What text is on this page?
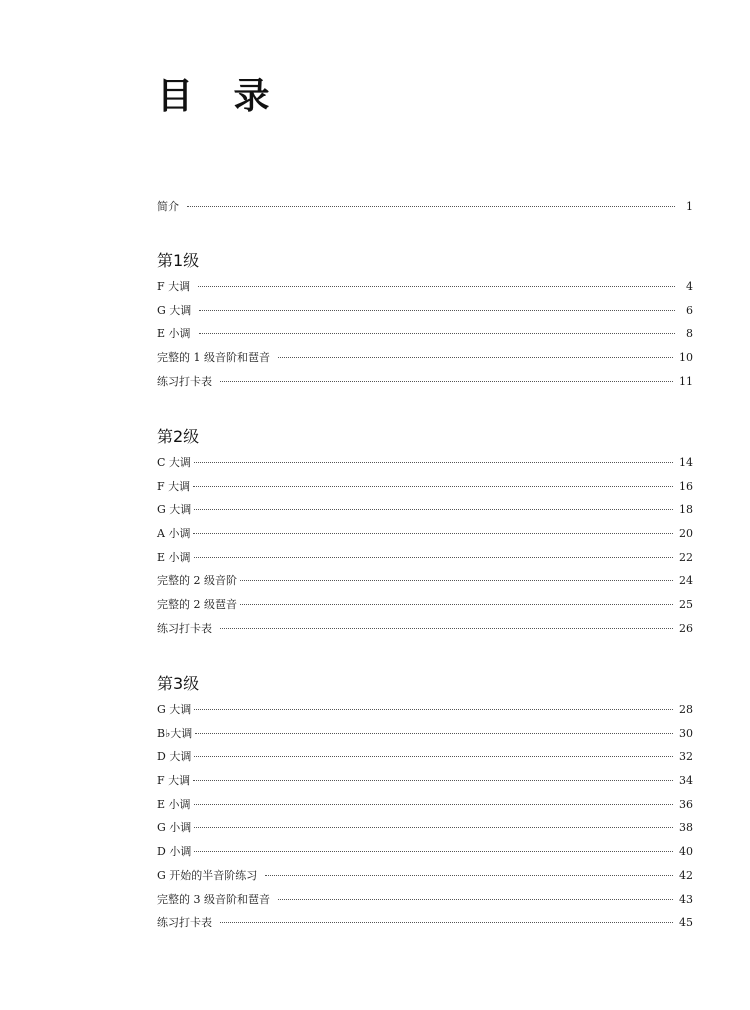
目 录
简介	1
第1级
F 大调	4
G 大调	6
E 小调	8
完整的 1 级音阶和琶音	10
练习打卡表	11
第2级
C 大调	14
F 大调	16
G 大调	18
A 小调	20
E 小调	22
完整的 2 级音阶	24
完整的 2 级琶音	25
练习打卡表	26
第3级
G 大调	28
B♭大调	30
D 大调	32
F 大调	34
E 小调	36
G 小调	38
D 小调	40
G 开始的半音阶练习	42
完整的 3 级音阶和琶音	43
练习打卡表	45
